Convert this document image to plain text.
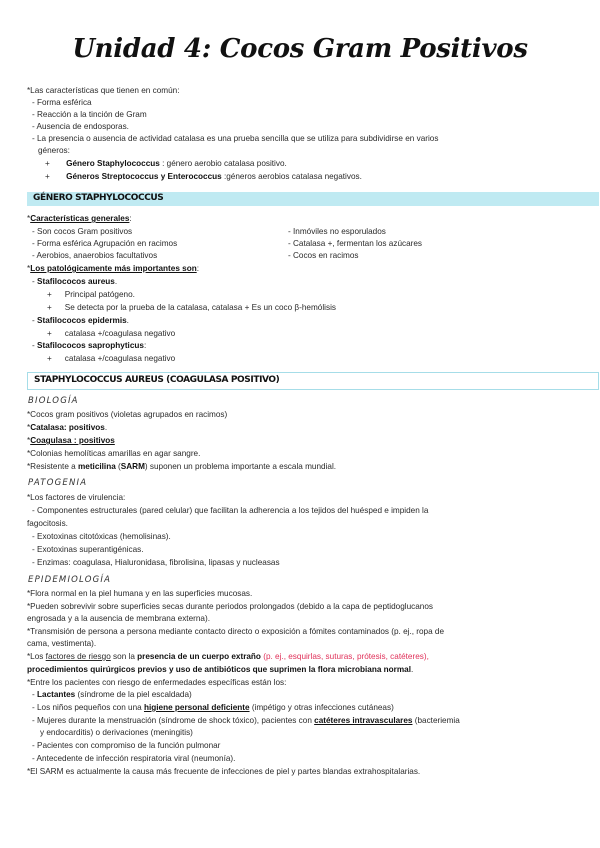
Unidad 4: Cocos Gram Positivos
*Las características que tienen en común:
- Forma esférica
- Reacción a la tinción de Gram
- Ausencia de endosporas.
- La presencia o ausencia de actividad catalasa es una prueba sencilla que se utiliza para subdividirse en varios
géneros:
+ Género Staphylococcus : género aerobio catalasa positivo.
+ Géneros Streptococcus y Enterococcus :géneros aerobios catalasa negativos.
GÉNERO STAPHYLOCOCCUS
*Características generales:
- Son cocos Gram positivos
- Forma esférica Agrupación en racimos
- Aerobios, anaerobios facultativos
- Inmóviles no esporulados
- Catalasa +, fermentan los azúcares
- Cocos en racimos
*Los patológicamente más importantes son:
- Stafilococos aureus.
+ Principal patógeno.
+ Se detecta por la prueba de la catalasa, catalasa + Es un coco β-hemólisis
- Stafilococos epidermis.
+ catalasa +/coagulasa negativo
- Stafilococos saprophyticus:
+ catalasa +/coagulasa negativo
STAPHYLOCOCCUS AUREUS (COAGULASA POSITIVO)
BIOLOGÍA
*Cocos gram positivos (violetas agrupados en racimos)
*Catalasa: positivos.
*Coagulasa : positivos
*Colonias hemolíticas amarillas en agar sangre.
*Resistente a meticilina (SARM) suponen un problema importante a escala mundial.
PATOGENIA
*Los factores de virulencia:
- Componentes estructurales (pared celular) que facilitan la adherencia a los tejidos del huésped e impiden la
fagocitosis.
- Exotoxinas citotóxicas (hemolisinas).
- Exotoxinas superantigénicas.
- Enzimas: coagulasa, Hialuronidasa, fibrolisina, lipasas y nucleasas
EPIDEMIOLOGÍA
*Flora normal en la piel humana y en las superficies mucosas.
*Pueden sobrevivir sobre superficies secas durante periodos prolongados (debido a la capa de peptidoglucanos
engrosada y a la ausencia de membrana externa).
*Transmisión de persona a persona mediante contacto directo o exposición a fómites contaminados (p. ej., ropa de
cama, vestimenta).
*Los factores de riesgo son la presencia de un cuerpo extraño (p. ej., esquirlas, suturas, prótesis, catéteres),
procedimientos quirúrgicos previos y uso de antibióticos que suprimen la flora microbiana normal.
*Entre los pacientes con riesgo de enfermedades específicas están los:
- Lactantes (síndrome de la piel escaldada)
- Los niños pequeños con una higiene personal deficiente (impétigo y otras infecciones cutáneas)
- Mujeres durante la menstruación (síndrome de shock tóxico), pacientes con catéteres intravasculares (bacteriemia
y endocarditis) o derivaciones (meningitis)
- Pacientes con compromiso de la función pulmonar
- Antecedente de infección respiratoria viral (neumonía).
*El SARM es actualmente la causa más frecuente de infecciones de piel y partes blandas extrahospitalarias.
